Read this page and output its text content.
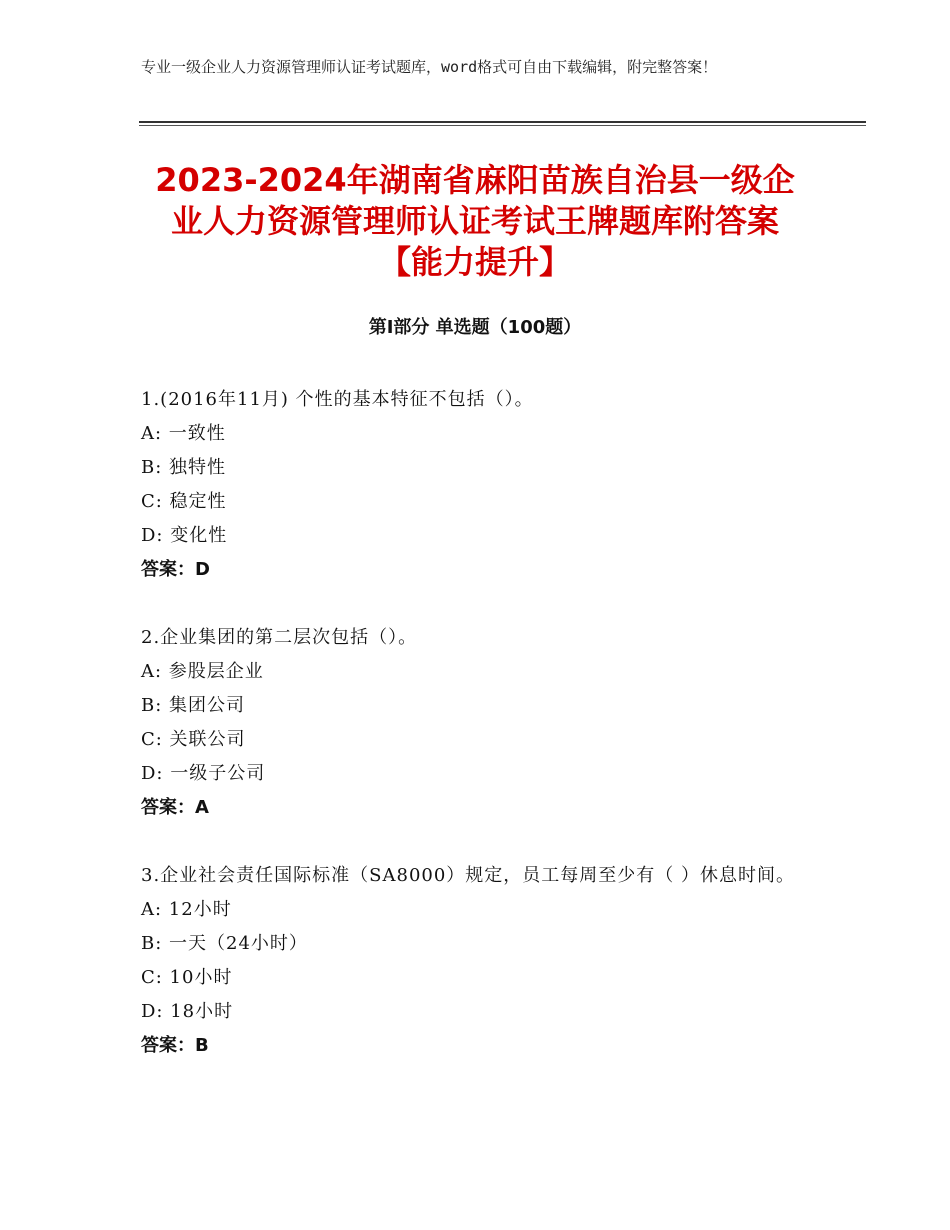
专业一级企业人力资源管理师认证考试题库，word格式可自由下载编辑，附完整答案！
2023-2024年湖南省麻阳苗族自治县一级企业人力资源管理师认证考试王牌题库附答案【能力提升】
第Ⅰ部分 单选题（100题）
1.(2016年11月) 个性的基本特征不包括（）。
A: 一致性
B: 独特性
C: 稳定性
D: 变化性
答案：D
2.企业集团的第二层次包括（）。
A: 参股层企业
B: 集团公司
C: 关联公司
D: 一级子公司
答案：A
3.企业社会责任国际标准（SA8000）规定，员工每周至少有（ ）休息时间。
A: 12小时
B: 一天（24小时）
C: 10小时
D: 18小时
答案：B
